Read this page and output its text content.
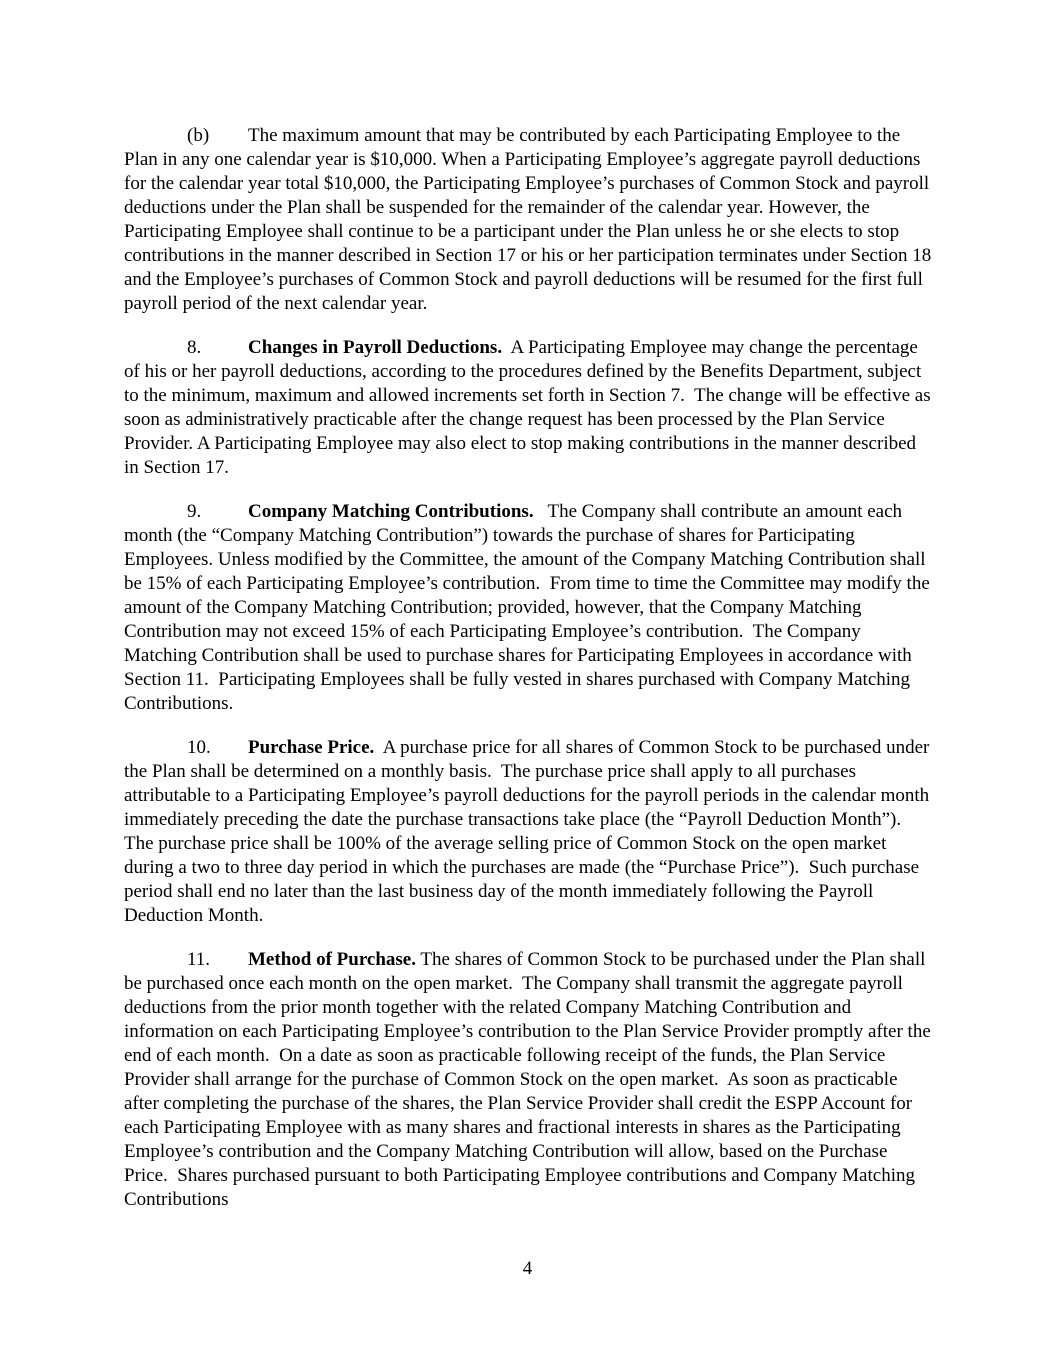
(b) The maximum amount that may be contributed by each Participating Employee to the Plan in any one calendar year is $10,000. When a Participating Employee’s aggregate payroll deductions for the calendar year total $10,000, the Participating Employee’s purchases of Common Stock and payroll deductions under the Plan shall be suspended for the remainder of the calendar year. However, the Participating Employee shall continue to be a participant under the Plan unless he or she elects to stop contributions in the manner described in Section 17 or his or her participation terminates under Section 18 and the Employee’s purchases of Common Stock and payroll deductions will be resumed for the first full payroll period of the next calendar year.

8. Changes in Payroll Deductions.  A Participating Employee may change the percentage of his or her payroll deductions, according to the procedures defined by the Benefits Department, subject to the minimum, maximum and allowed increments set forth in Section 7.  The change will be effective as soon as administratively practicable after the change request has been processed by the Plan Service Provider. A Participating Employee may also elect to stop making contributions in the manner described in Section 17.

9. Company Matching Contributions.   The Company shall contribute an amount each month (the “Company Matching Contribution”) towards the purchase of shares for Participating Employees. Unless modified by the Committee, the amount of the Company Matching Contribution shall be 15% of each Participating Employee’s contribution.  From time to time the Committee may modify the amount of the Company Matching Contribution; provided, however, that the Company Matching Contribution may not exceed 15% of each Participating Employee’s contribution.  The Company Matching Contribution shall be used to purchase shares for Participating Employees in accordance with Section 11.  Participating Employees shall be fully vested in shares purchased with Company Matching Contributions.

10. Purchase Price.  A purchase price for all shares of Common Stock to be purchased under the Plan shall be determined on a monthly basis.  The purchase price shall apply to all purchases attributable to a Participating Employee’s payroll deductions for the payroll periods in the calendar month immediately preceding the date the purchase transactions take place (the “Payroll Deduction Month”).  The purchase price shall be 100% of the average selling price of Common Stock on the open market during a two to three day period in which the purchases are made (the “Purchase Price”).  Such purchase period shall end no later than the last business day of the month immediately following the Payroll Deduction Month.

11. Method of Purchase. The shares of Common Stock to be purchased under the Plan shall be purchased once each month on the open market.  The Company shall transmit the aggregate payroll deductions from the prior month together with the related Company Matching Contribution and information on each Participating Employee’s contribution to the Plan Service Provider promptly after the end of each month.  On a date as soon as practicable following receipt of the funds, the Plan Service Provider shall arrange for the purchase of Common Stock on the open market.  As soon as practicable after completing the purchase of the shares, the Plan Service Provider shall credit the ESPP Account for each Participating Employee with as many shares and fractional interests in shares as the Participating Employee’s contribution and the Company Matching Contribution will allow, based on the Purchase Price.  Shares purchased pursuant to both Participating Employee contributions and Company Matching Contributions

4
